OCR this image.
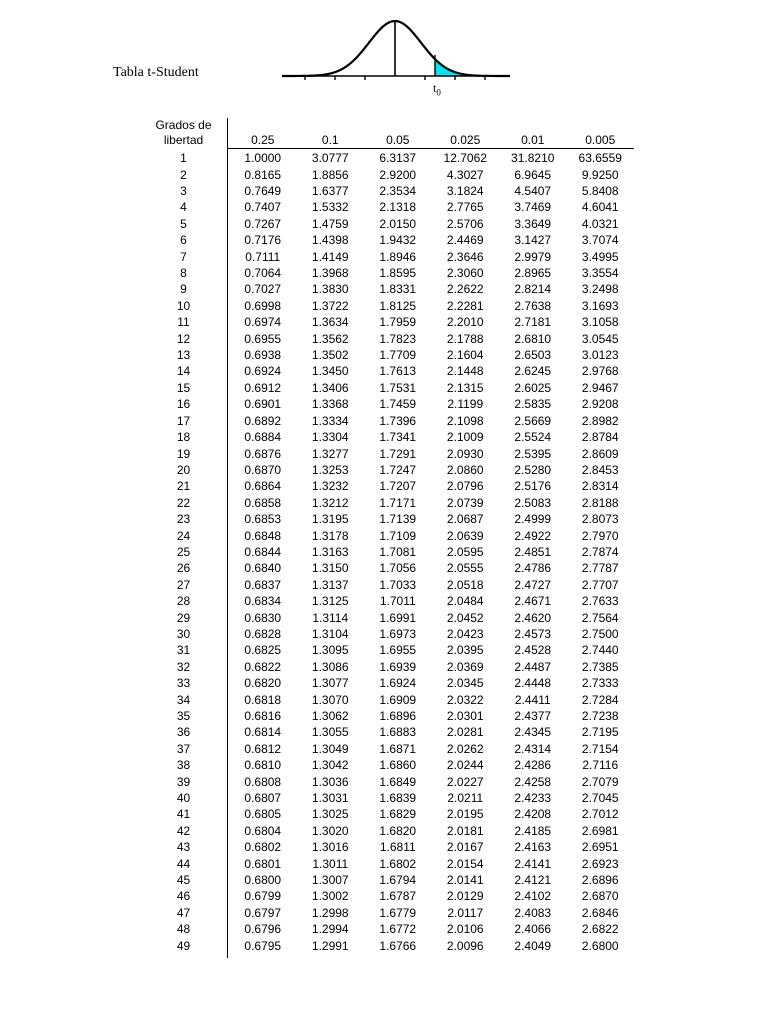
Tabla t-Student
$t_0$
Grados de
libertad	0.25	0.1	0.05	0.025	0.01	0.005
1	1.0000	3.0777	6.3137	12.7062	31.8210	63.6559
2	0.8165	1.8856	2.9200	4.3027	6.9645	9.9250
3	0.7649	1.6377	2.3534	3.1824	4.5407	5.8408
4	0.7407	1.5332	2.1318	2.7765	3.7469	4.6041
5	0.7267	1.4759	2.0150	2.5706	3.3649	4.0321
6	0.7176	1.4398	1.9432	2.4469	3.1427	3.7074
7	0.7111	1.4149	1.8946	2.3646	2.9979	3.4995
8	0.7064	1.3968	1.8595	2.3060	2.8965	3.3554
9	0.7027	1.3830	1.8331	2.2622	2.8214	3.2498
10	0.6998	1.3722	1.8125	2.2281	2.7638	3.1693
11	0.6974	1.3634	1.7959	2.2010	2.7181	3.1058
12	0.6955	1.3562	1.7823	2.1788	2.6810	3.0545
13	0.6938	1.3502	1.7709	2.1604	2.6503	3.0123
14	0.6924	1.3450	1.7613	2.1448	2.6245	2.9768
15	0.6912	1.3406	1.7531	2.1315	2.6025	2.9467
16	0.6901	1.3368	1.7459	2.1199	2.5835	2.9208
17	0.6892	1.3334	1.7396	2.1098	2.5669	2.8982
18	0.6884	1.3304	1.7341	2.1009	2.5524	2.8784
19	0.6876	1.3277	1.7291	2.0930	2.5395	2.8609
20	0.6870	1.3253	1.7247	2.0860	2.5280	2.8453
21	0.6864	1.3232	1.7207	2.0796	2.5176	2.8314
22	0.6858	1.3212	1.7171	2.0739	2.5083	2.8188
23	0.6853	1.3195	1.7139	2.0687	2.4999	2.8073
24	0.6848	1.3178	1.7109	2.0639	2.4922	2.7970
25	0.6844	1.3163	1.7081	2.0595	2.4851	2.7874
26	0.6840	1.3150	1.7056	2.0555	2.4786	2.7787
27	0.6837	1.3137	1.7033	2.0518	2.4727	2.7707
28	0.6834	1.3125	1.7011	2.0484	2.4671	2.7633
29	0.6830	1.3114	1.6991	2.0452	2.4620	2.7564
30	0.6828	1.3104	1.6973	2.0423	2.4573	2.7500
31	0.6825	1.3095	1.6955	2.0395	2.4528	2.7440
32	0.6822	1.3086	1.6939	2.0369	2.4487	2.7385
33	0.6820	1.3077	1.6924	2.0345	2.4448	2.7333
34	0.6818	1.3070	1.6909	2.0322	2.4411	2.7284
35	0.6816	1.3062	1.6896	2.0301	2.4377	2.7238
36	0.6814	1.3055	1.6883	2.0281	2.4345	2.7195
37	0.6812	1.3049	1.6871	2.0262	2.4314	2.7154
38	0.6810	1.3042	1.6860	2.0244	2.4286	2.7116
39	0.6808	1.3036	1.6849	2.0227	2.4258	2.7079
40	0.6807	1.3031	1.6839	2.0211	2.4233	2.7045
41	0.6805	1.3025	1.6829	2.0195	2.4208	2.7012
42	0.6804	1.3020	1.6820	2.0181	2.4185	2.6981
43	0.6802	1.3016	1.6811	2.0167	2.4163	2.6951
44	0.6801	1.3011	1.6802	2.0154	2.4141	2.6923
45	0.6800	1.3007	1.6794	2.0141	2.4121	2.6896
46	0.6799	1.3002	1.6787	2.0129	2.4102	2.6870
47	0.6797	1.2998	1.6779	2.0117	2.4083	2.6846
48	0.6796	1.2994	1.6772	2.0106	2.4066	2.6822
49	0.6795	1.2991	1.6766	2.0096	2.4049	2.6800
